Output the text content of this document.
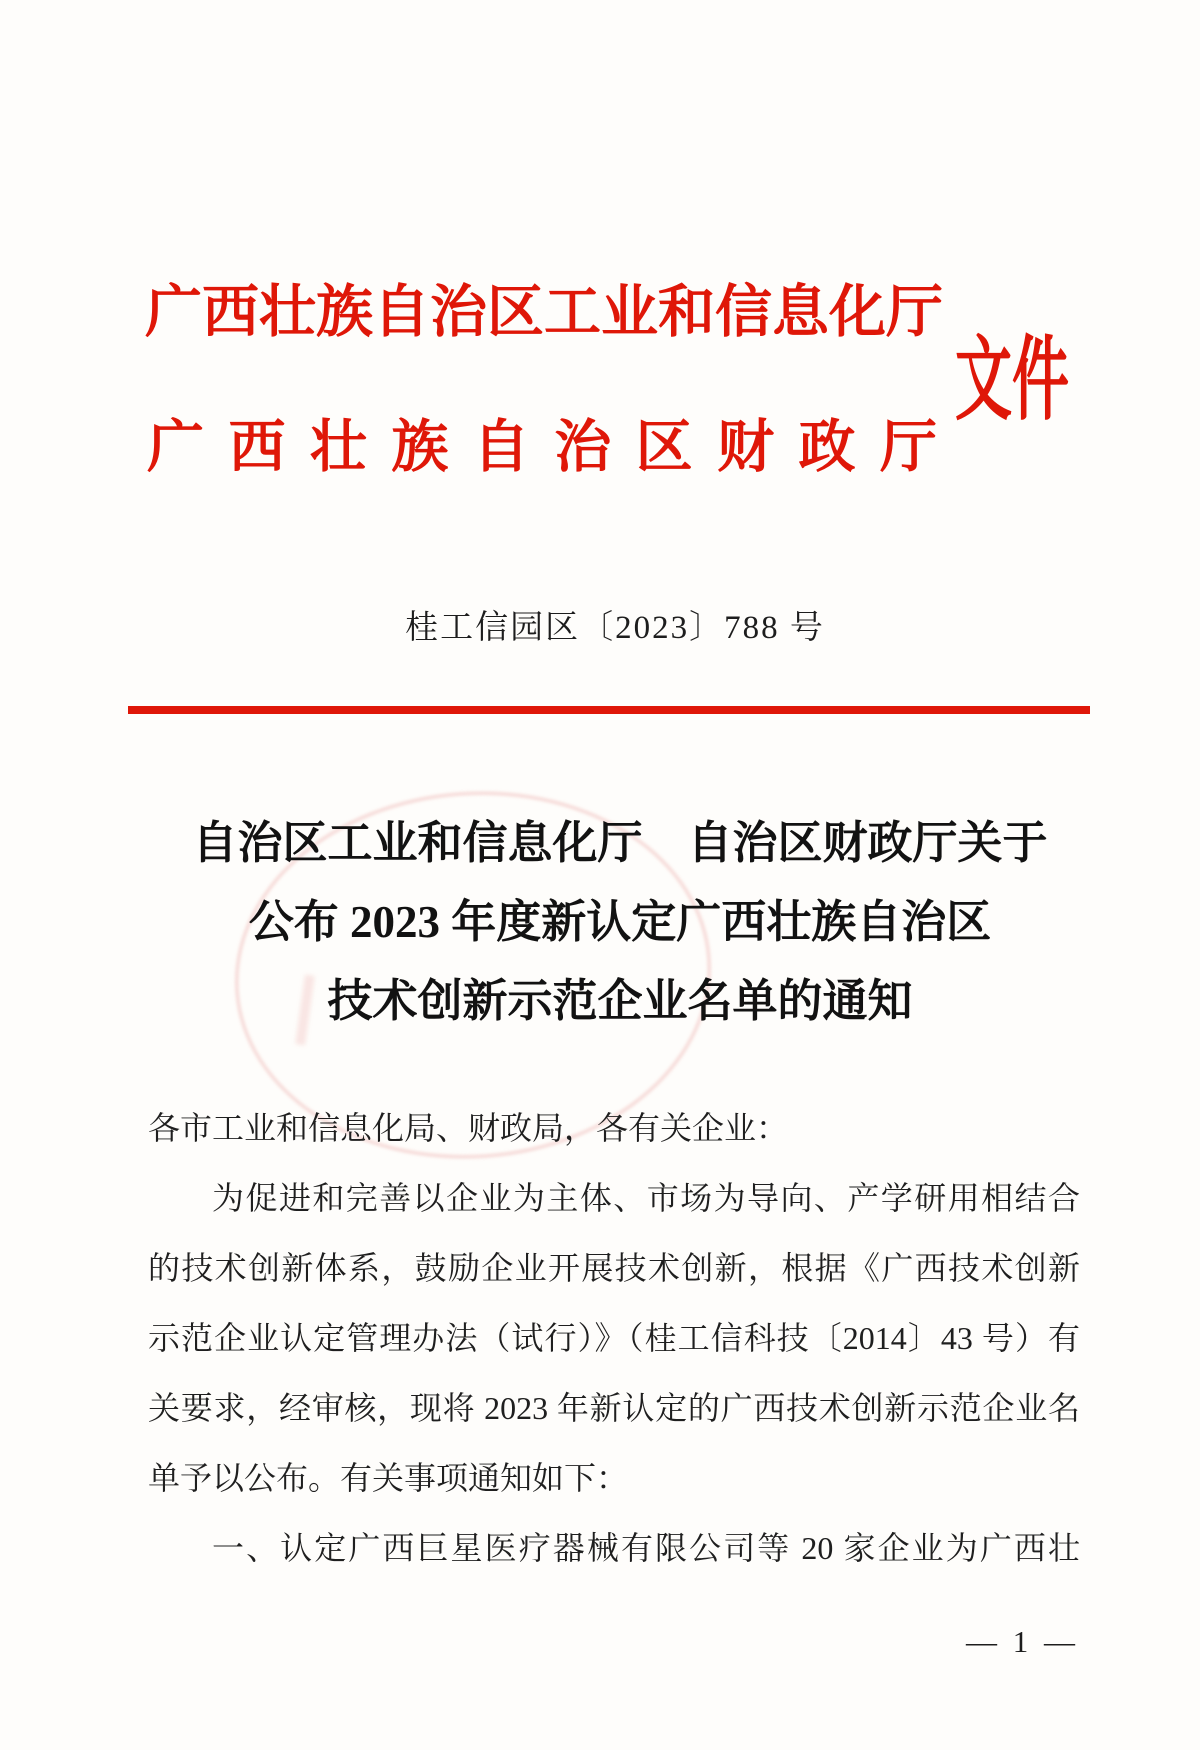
广西壮族自治区工业和信息化厅
广西壮族自治区财政厅
文件
桂工信园区〔2023〕788 号
自治区工业和信息化厅　自治区财政厅关于
公布 2023 年度新认定广西壮族自治区
技术创新示范企业名单的通知
各市工业和信息化局、财政局，各有关企业：
为促进和完善以企业为主体、市场为导向、产学研用相结合
的技术创新体系，鼓励企业开展技术创新，根据《广西技术创新
示范企业认定管理办法（试行）》（桂工信科技〔2014〕43 号）有
关要求，经审核，现将 2023 年新认定的广西技术创新示范企业名
单予以公布。有关事项通知如下：
一、认定广西巨星医疗器械有限公司等 20 家企业为广西壮
— 1 —
